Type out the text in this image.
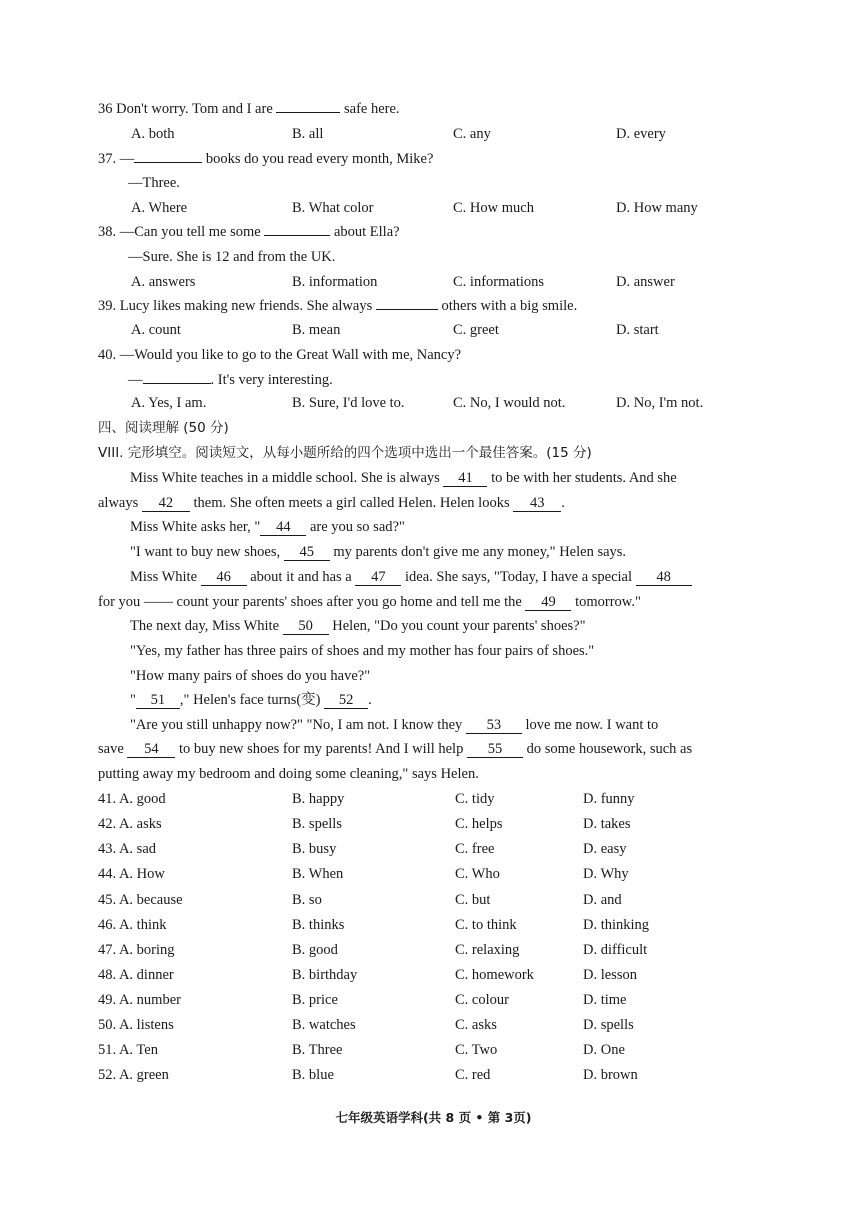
36 Don't worry. Tom and I are	safe here.
A. both	B. all	C. any	D. every
37. —	books do you read every month, Mike?
—Three.
A. Where	B. What color	C. How much	D. How many
38. —Can you tell me some	about Ella?
—Sure. She is 12 and from the UK.
A. answers	B. information	C. informations	D. answer
39. Lucy likes making new friends. She always	others with a big smile.
A. count	B. mean	C. greet	D. start
40. —Would you like to go to the Great Wall with me, Nancy?
—	. It's very interesting.
A. Yes, I am.	B. Sure, I'd love to.	C. No, I would not.	D. No, I'm not.
四、阅读理解 (50 分)
VIII. 完形填空。阅读短文，从每小题所给的四个选项中选出一个最佳答案。(15 分)
Miss White teaches in a middle school. She is always 41 to be with her students. And she
always 42 them. She often meets a girl called Helen. Helen looks 43 .
Miss White asks her, " 44 are you so sad?"
"I want to buy new shoes, 45 my parents don't give me any money," Helen says.
Miss White 46 about it and has a 47 idea. She says, "Today, I have a special 48
for you —— count your parents' shoes after you go home and tell me the 49 tomorrow."
The next day, Miss White 50 Helen, "Do you count your parents' shoes?"
"Yes, my father has three pairs of shoes and my mother has four pairs of shoes."
"How many pairs of shoes do you have?"
" 51 ," Helen's face turns(变) 52 .
"Are you still unhappy now?" "No, I am not. I know they 53 love me now. I want to
save 54 to buy new shoes for my parents! And I will help 55 do some housework, such as
putting away my bedroom and doing some cleaning," says Helen.
41. A. good	B. happy	C. tidy	D. funny
42. A. asks	B. spells	C. helps	D. takes
43. A. sad	B. busy	C. free	D. easy
44. A. How	B. When	C. Who	D. Why
45. A. because	B. so	C. but	D. and
46. A. think	B. thinks	C. to think	D. thinking
47. A. boring	B. good	C. relaxing	D. difficult
48. A. dinner	B. birthday	C. homework	D. lesson
49. A. number	B. price	C. colour	D. time
50. A. listens	B. watches	C. asks	D. spells
51. A. Ten	B. Three	C. Two	D. One
52. A. green	B. blue	C. red	D. brown
七年级英语学科(共 8 页 • 第 3页)
